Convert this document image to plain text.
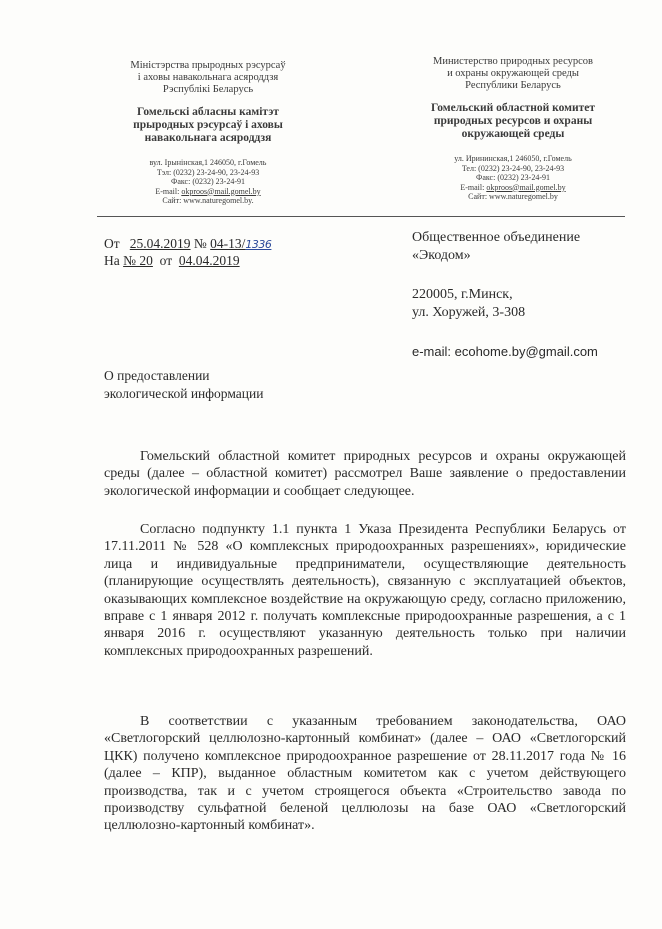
Міністэрства прыродных рэсурсаў
і аховы навакольнага асяроддзя
Рэспублікі Беларусь
Гомельскі абласны камітэт
прыродных рэсурсаў і аховы
навакольнага асяроддзя
вул. Ірынінская,1 246050, г.Гомель
Тэл: (0232) 23-24-90, 23-24-93
Факс: (0232) 23-24-91
E-mail: okproos@mail.gomel.by
Сайт: www.naturegomel.by.
Министерство природных ресурсов
и охраны окружающей среды
Республики Беларусь
Гомельский областной комитет
природных ресурсов и охраны
окружающей среды
ул. Ирининская,1 246050, г.Гомель
Тел: (0232) 23-24-90, 23-24-93
Факс: (0232) 23-24-91
E-mail: okproos@mail.gomel.by
Сайт: www.naturegomel.by
От 25.04.2019 № 04-13/1336
На № 20 от 04.04.2019
Общественное объединение
«Экодом»
220005, г.Минск,
ул. Хоружей, 3-308
e-mail: ecohome.by@gmail.com
О предоставлении
экологической информации

Гомельский областной комитет природных ресурсов и охраны окружающей среды (далее – областной комитет) рассмотрел Ваше заявление о предоставлении экологической информации и сообщает следующее.

Согласно подпункту 1.1 пункта 1 Указа Президента Республики Беларусь от 17.11.2011 № 528 «О комплексных природоохранных разрешениях», юридические лица и индивидуальные предприниматели, осуществляющие деятельность (планирующие осуществлять деятельность), связанную с эксплуатацией объектов, оказывающих комплексное воздействие на окружающую среду, согласно приложению, вправе с 1 января 2012 г. получать комплексные природоохранные разрешения, а с 1 января 2016 г. осуществляют указанную деятельность только при наличии комплексных природоохранных разрешений.

В соответствии с указанным требованием законодательства, ОАО «Светлогорский целлюлозно-картонный комбинат» (далее – ОАО «Светлогорский ЦКК) получено комплексное природоохранное разрешение от 28.11.2017 года № 16 (далее – КПР), выданное областным комитетом как с учетом действующего производства, так и с учетом строящегося объекта «Строительство завода по производству сульфатной беленой целлюлозы на базе ОАО «Светлогорский целлюлозно-картонный комбинат».
